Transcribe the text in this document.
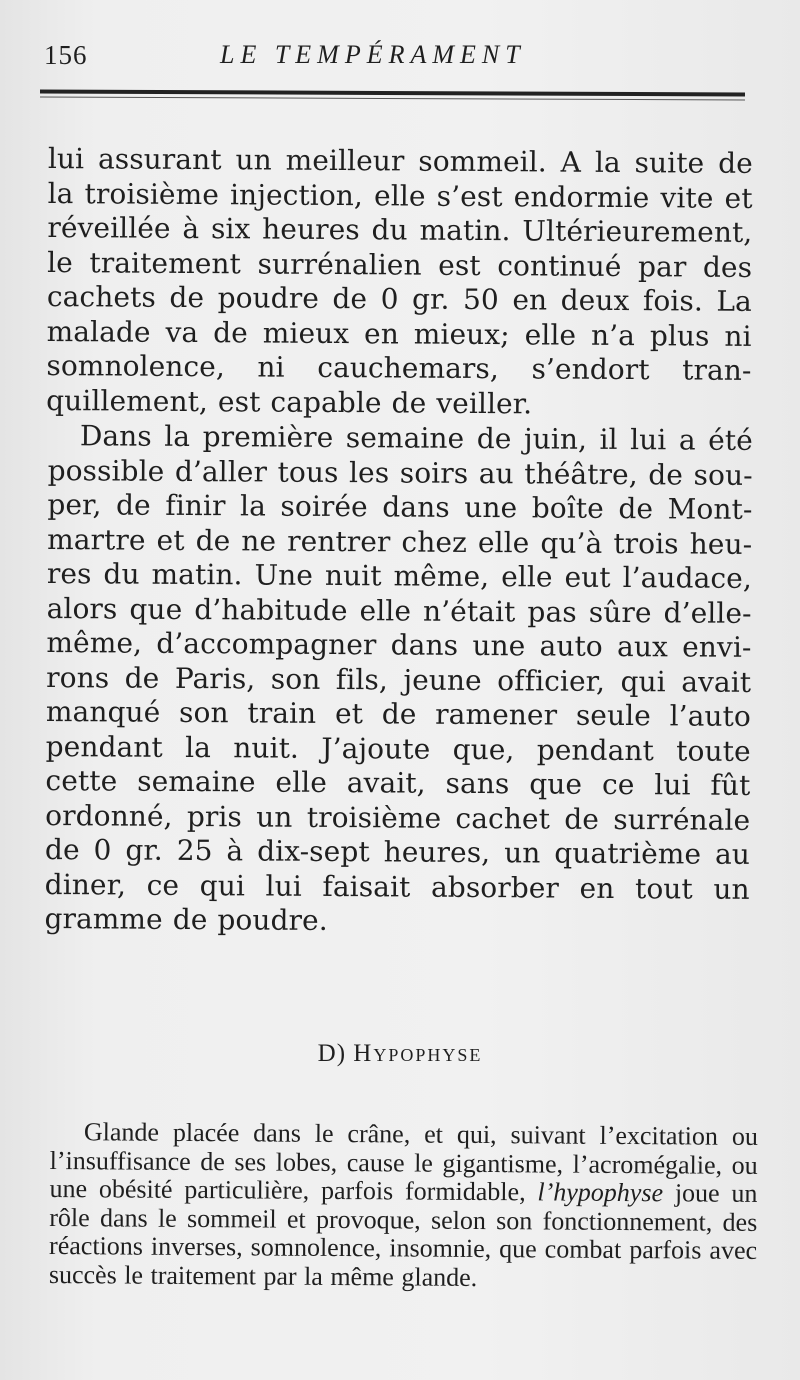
156	LE TEMPÉRAMENT

lui assurant un meilleur sommeil. A la suite de la troisième injection, elle s’est endormie vite et réveillée à six heures du matin. Ultérieurement, le traitement surrénalien est continué par des cachets de poudre de 0 gr. 50 en deux fois. La malade va de mieux en mieux; elle n’a plus ni somnolence, ni cauchemars, s’endort tranquillement, est capable de veiller.

Dans la première semaine de juin, il lui a été possible d’aller tous les soirs au théâtre, de souper, de finir la soirée dans une boîte de Montmartre et de ne rentrer chez elle qu’à trois heures du matin. Une nuit même, elle eut l’audace, alors que d’habitude elle n’était pas sûre d’elle-même, d’accompagner dans une auto aux environs de Paris, son fils, jeune officier, qui avait manqué son train et de ramener seule l’auto pendant la nuit. J’ajoute que, pendant toute cette semaine elle avait, sans que ce lui fût ordonné, pris un troisième cachet de surrénale de 0 gr. 25 à dix-sept heures, un quatrième au diner, ce qui lui faisait absorber en tout un gramme de poudre.

D) Hypophyse

Glande placée dans le crâne, et qui, suivant l’excitation ou l’insuffisance de ses lobes, cause le gigantisme, l’acromégalie, ou une obésité particulière, parfois formidable, l’hypophyse joue un rôle dans le sommeil et provoque, selon son fonctionnement, des réactions inverses, somnolence, insomnie, que combat parfois avec succès le traitement par la même glande.
